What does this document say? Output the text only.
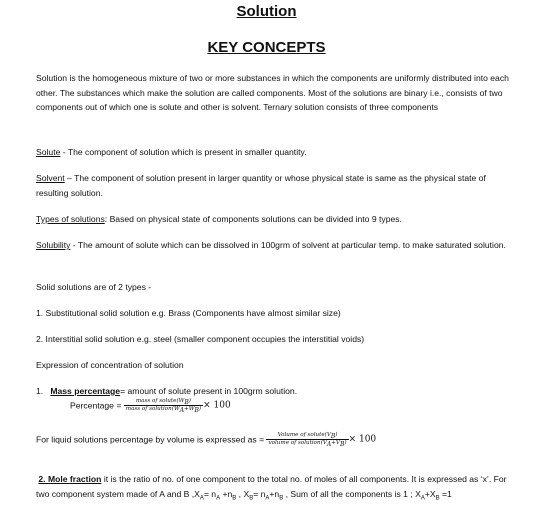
Solution
KEY CONCEPTS

Solution is the homogeneous mixture of two or more substances in which the components are uniformly distributed into each other. The substances which make the solution are called components. Most of the solutions are binary i.e., consists of two components out of which one is solute and other is solvent. Ternary solution consists of three components

Solute - The component of solution which is present in smaller quantity.

Solvent – The component of solution present in larger quantity or whose physical state is same as the physical state of resulting solution.

Types of solutions: Based on physical state of components solutions can be divided into 9 types.

Solubility - The amount of solute which can be dissolved in 100grm of solvent at particular temp. to make saturated solution.

Solid solutions are of 2 types -

1. Substitutional solid solution e.g. Brass (Components have almost similar size)

2. Interstitial solid solution e.g. steel (smaller component occupies the interstitial voids)

Expression of concentration of solution

1. Mass percentage= amount of solute present in 100grm solution.

Percentage = $\frac{mass of solute(W_B)}{mass of solution(W_A+W_B)} \times 100$
For liquid solutions percentage by volume is expressed as = $\frac{Volume of solute(V_B)}{volume of solution(V_A+V_B)} \times 100$

2. Mole fraction it is the ratio of no. of one component to the total no. of moles of all components. It is expressed as ‘x’. For two component system made of A and B $,X_A= n_A +n_B$ , $X_B= n_A+n_B$ , Sum of all the components is 1 ; $X_A+X_B =1$
